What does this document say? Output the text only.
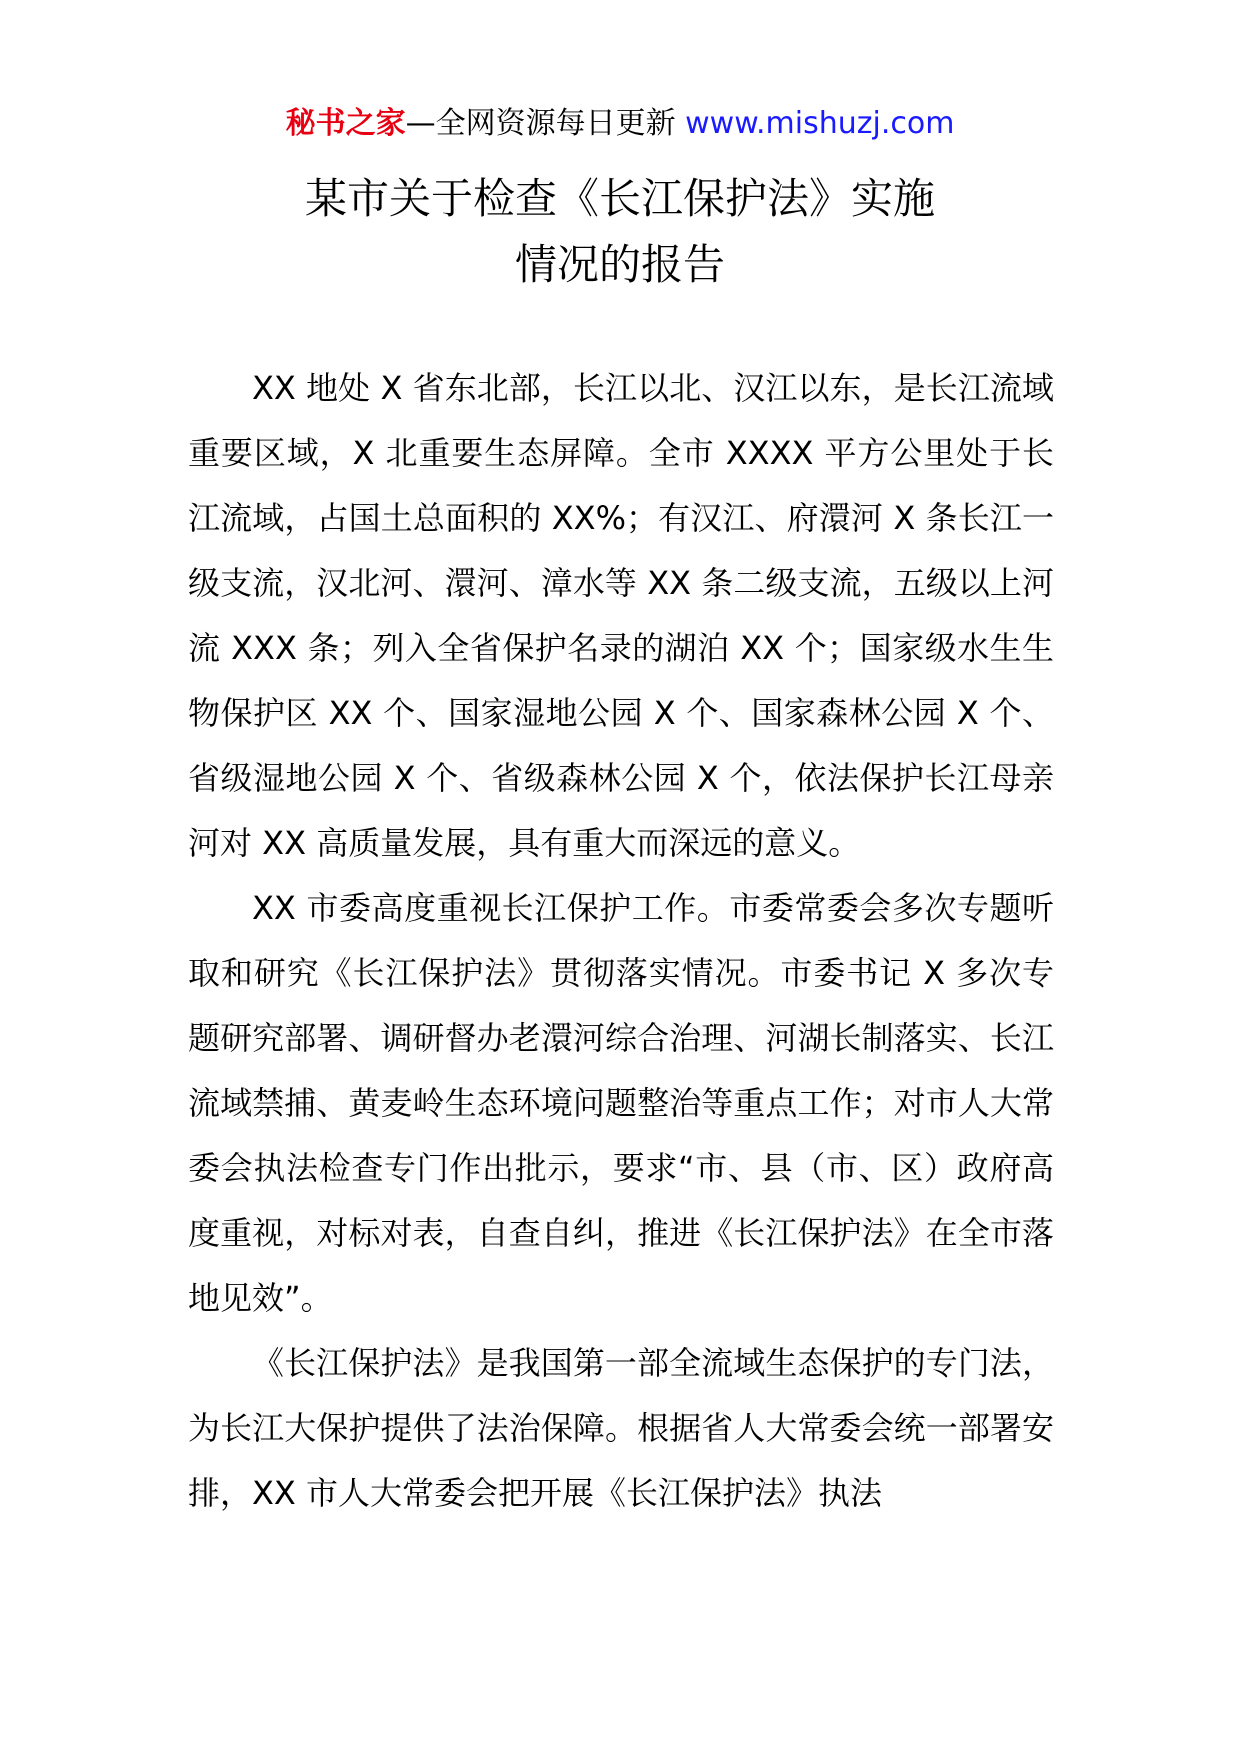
秘书之家—全网资源每日更新 www.mishuzj.com
某市关于检查《长江保护法》实施
情况的报告

XX 地处 X 省东北部，长江以北、汉江以东，是长江流域重要区域，X 北重要生态屏障。全市 XXXX 平方公里处于长江流域，占国土总面积的 XX%；有汉江、府澴河 X 条长江一级支流，汉北河、澴河、漳水等 XX 条二级支流，五级以上河流 XXX 条；列入全省保护名录的湖泊 XX 个；国家级水生生物保护区 XX 个、国家湿地公园 X 个、国家森林公园 X 个、省级湿地公园 X 个、省级森林公园 X 个，依法保护长江母亲河对 XX 高质量发展，具有重大而深远的意义。

XX 市委高度重视长江保护工作。市委常委会多次专题听取和研究《长江保护法》贯彻落实情况。市委书记 X 多次专题研究部署、调研督办老澴河综合治理、河湖长制落实、长江流域禁捕、黄麦岭生态环境问题整治等重点工作；对市人大常委会执法检查专门作出批示，要求“市、县（市、区）政府高度重视，对标对表，自查自纠，推进《长江保护法》在全市落地见效”。

《长江保护法》是我国第一部全流域生态保护的专门法，为长江大保护提供了法治保障。根据省人大常委会统一部署安排，XX 市人大常委会把开展《长江保护法》执法
